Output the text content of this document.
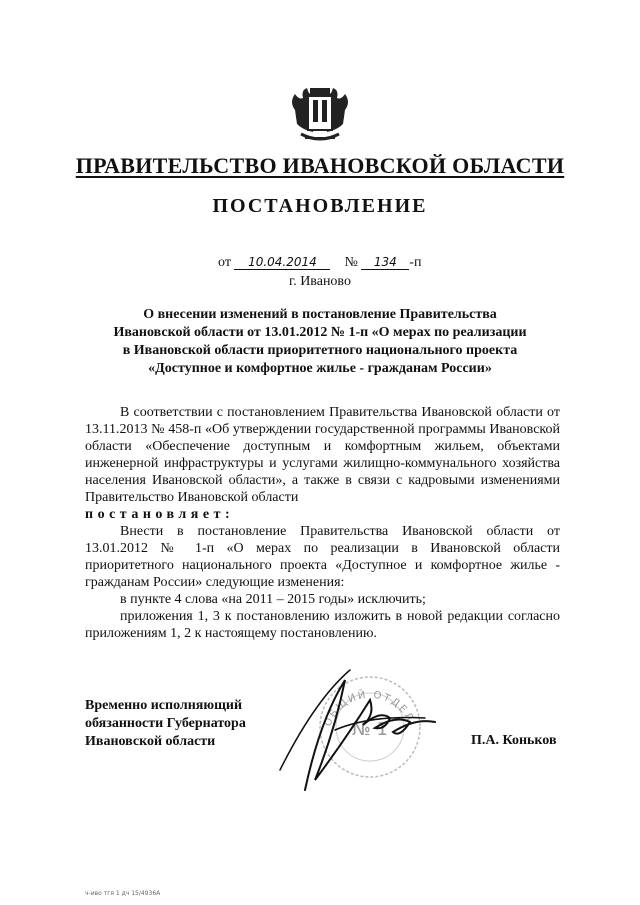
ПРАВИТЕЛЬСТВО ИВАНОВСКОЙ ОБЛАСТИ
ПОСТАНОВЛЕНИЕ
от 10.04.2014 № 134 -п
г. Иваново
О внесении изменений в постановление Правительства
Ивановской области от 13.01.2012 № 1-п «О мерах по реализации
в Ивановской области приоритетного национального проекта
«Доступное и комфортное жилье - гражданам России»

В соответствии с постановлением Правительства Ивановской области от 13.11.2013 № 458-п «Об утверждении государственной программы Ивановской области «Обеспечение доступным и комфортным жильем, объектами инженерной инфраструктуры и услугами жилищно-коммунального хозяйства населения Ивановской области», а также в связи с кадровыми изменениями Правительство Ивановской области

постановляет:

Внести в постановление Правительства Ивановской области от 13.01.2012 № 1-п «О мерах по реализации в Ивановской области приоритетного национального проекта «Доступное и комфортное жилье - гражданам России» следующие изменения:

в пункте 4 слова «на 2011 – 2015 годы» исключить;

приложения 1, 3 к постановлению изложить в новой редакции согласно приложениям 1, 2 к настоящему постановлению.

Временно исполняющий
обязанности Губернатора
Ивановской области
ОБЩИЙ ОТДЕЛ
№ 1
П.А. Коньков
ч-иво тгя 1 дч 15/4936А
